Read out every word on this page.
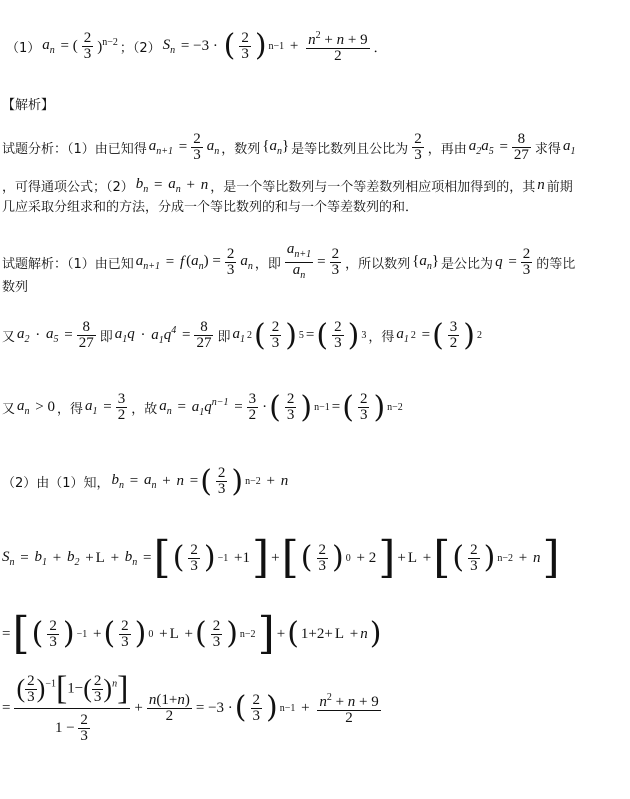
（1） $a_n$ = ( $\frac{2}{3} )^{n-2}$ ；（2） $S_n = -3$ · ( $\frac{2}{3}$ ) $n-1 + \frac{n^2 + n + 9}{2}$ ．
【解析】
试题分析：（1）由已知得 $a_{n+1} = \frac{2}{3} a_n$ ，数列 $\{a_n\}$ 是等比数列且公比为 $\frac{2}{3}$ ，再由 $a_2a_5 = \frac{8}{27}$ 求得 $a_1$
，可得通项公式；（2） $b_n = a_n + n$ ，是一个等比数列与一个等差数列相应项相加得到的，其 n 前期
几应采取分组求和的方法，分成一个等比数列的和与一个等差数列的和．
试题解析：（1）由已知 $a_{n+1} = f$ $(a_n) = \frac{2}{3} a_n$ ，即 $\frac{a_{n+1}}{a_n} = \frac{2}{3}$ ，所以数列 $\{a_n\}$ 是公比为 $q = \frac{2}{3}$ 的等比
数列
又 $a_2 \cdot a_5 = \frac{8}{27}$ 即 $a_1q \cdot a_1q^4 = \frac{8}{27}$ 即 $a_1$ 2 ( $\frac{2}{3}$ ) 5 = ( $\frac{2}{3}$ ) 3 ，得 $a_1$ 2 = ( $\frac{3}{2}$ ) 2
又 $a_n > 0$ ，得 $a_1 = \frac{3}{2}$ ，故 $a_n = a_1q^{n-1} = \frac{3}{2}$ · ( $\frac{2}{3}$ ) n−1 = ( $\frac{2}{3}$ ) n−2
（2）由（1）知， $b_n = a_n + n$ = ( $\frac{2}{3}$ ) n−2 + n
$S_n = b_1 + b_2 + L + b_n$ = [ ( $\frac{2}{3}$ ) −1 +1 ] + [ ( $\frac{2}{3}$ ) 0 + 2 ] + L + [ ( $\frac{2}{3}$ ) n−2 + n ]
= [ ( $\frac{2}{3}$ ) −1 + ( $\frac{2}{3}$ ) 0 + L + ( $\frac{2}{3}$ ) n−2 ] + ( 1+2+ L + n )
= $\frac{( \frac{2}{3} )^{-1}[1-( \frac{2}{3} )^n]}{1 - \frac{2}{3}} + \frac{n(1+n)}{2} = -3$ · ( $\frac{2}{3}$ ) $n-1 + \frac{n^2 + n + 9}{2}$
